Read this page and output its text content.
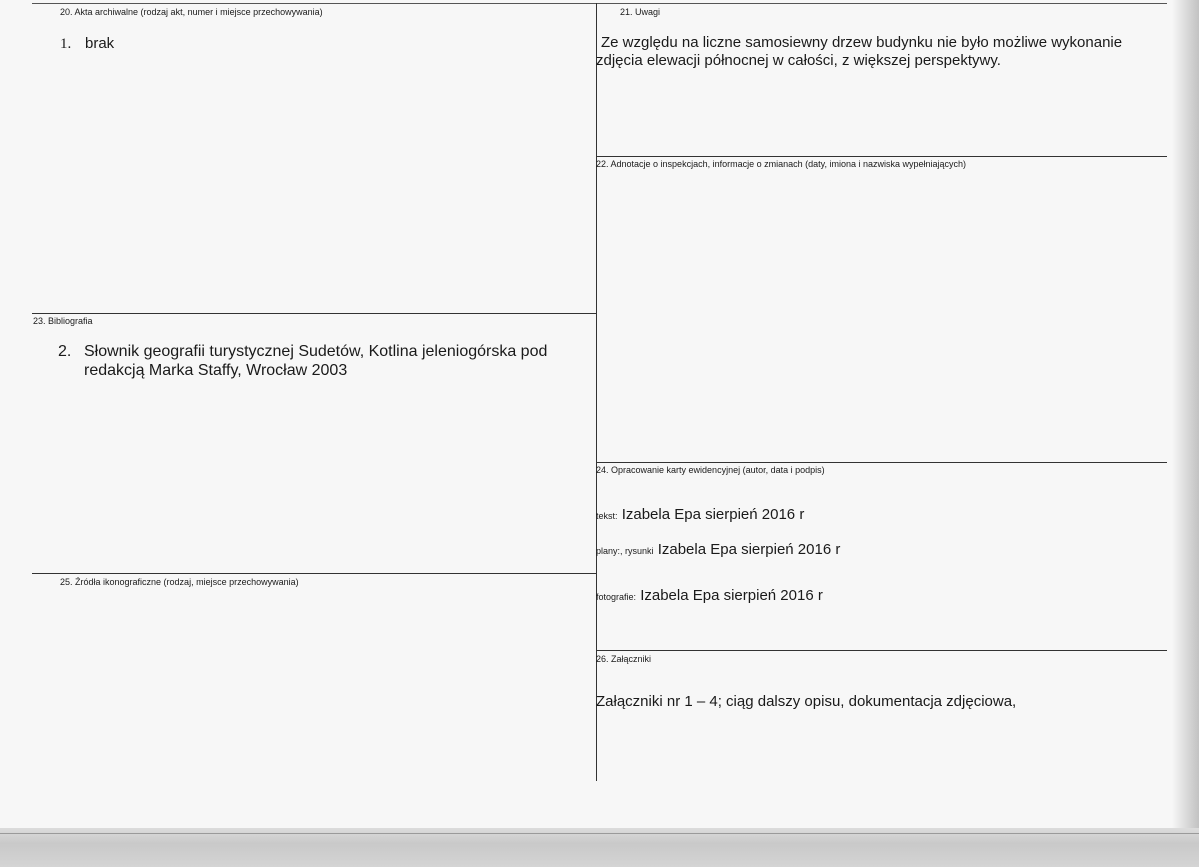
20. Akta archiwalne (rodzaj akt, numer i miejsce przechowywania)
1. brak
21. Uwagi
Ze względu na liczne samosiewny drzew budynku nie było możliwe wykonanie
zdjęcia elewacji północnej w całości, z większej perspektywy.
22. Adnotacje o inspekcjach, informacje o zmianach (daty, imiona i nazwiska wypełniających)
23. Bibliografia
2. Słownik geografii turystycznej Sudetów, Kotlina jeleniogórska pod
redakcją Marka Staffy, Wrocław 2003
24. Opracowanie karty ewidencyjnej (autor, data i podpis)
tekst: Izabela Epa sierpień 2016 r
plany:, rysunki Izabela Epa sierpień 2016 r
fotografie: Izabela Epa sierpień 2016 r
25. Źródła ikonograficzne (rodzaj, miejsce przechowywania)
26. Załączniki
Załączniki nr 1 – 4; ciąg dalszy opisu, dokumentacja zdjęciowa,
